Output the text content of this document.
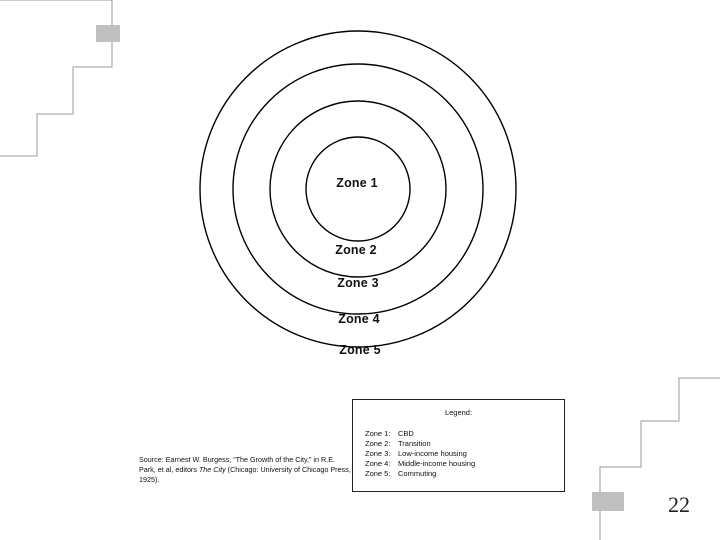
Zone 1
Zone 2
Zone 3
Zone 4
Zone 5
Source: Earnest W. Burgess, “The Growth of the City,” in R.E. Park, et al, editors The City (Chicago: University of Chicago Press, 1925).
Legend:
Zone 1: CBD
Zone 2: Transition
Zone 3: Low-income housing
Zone 4: Middle-income housing
Zone 5: Commuting
22
